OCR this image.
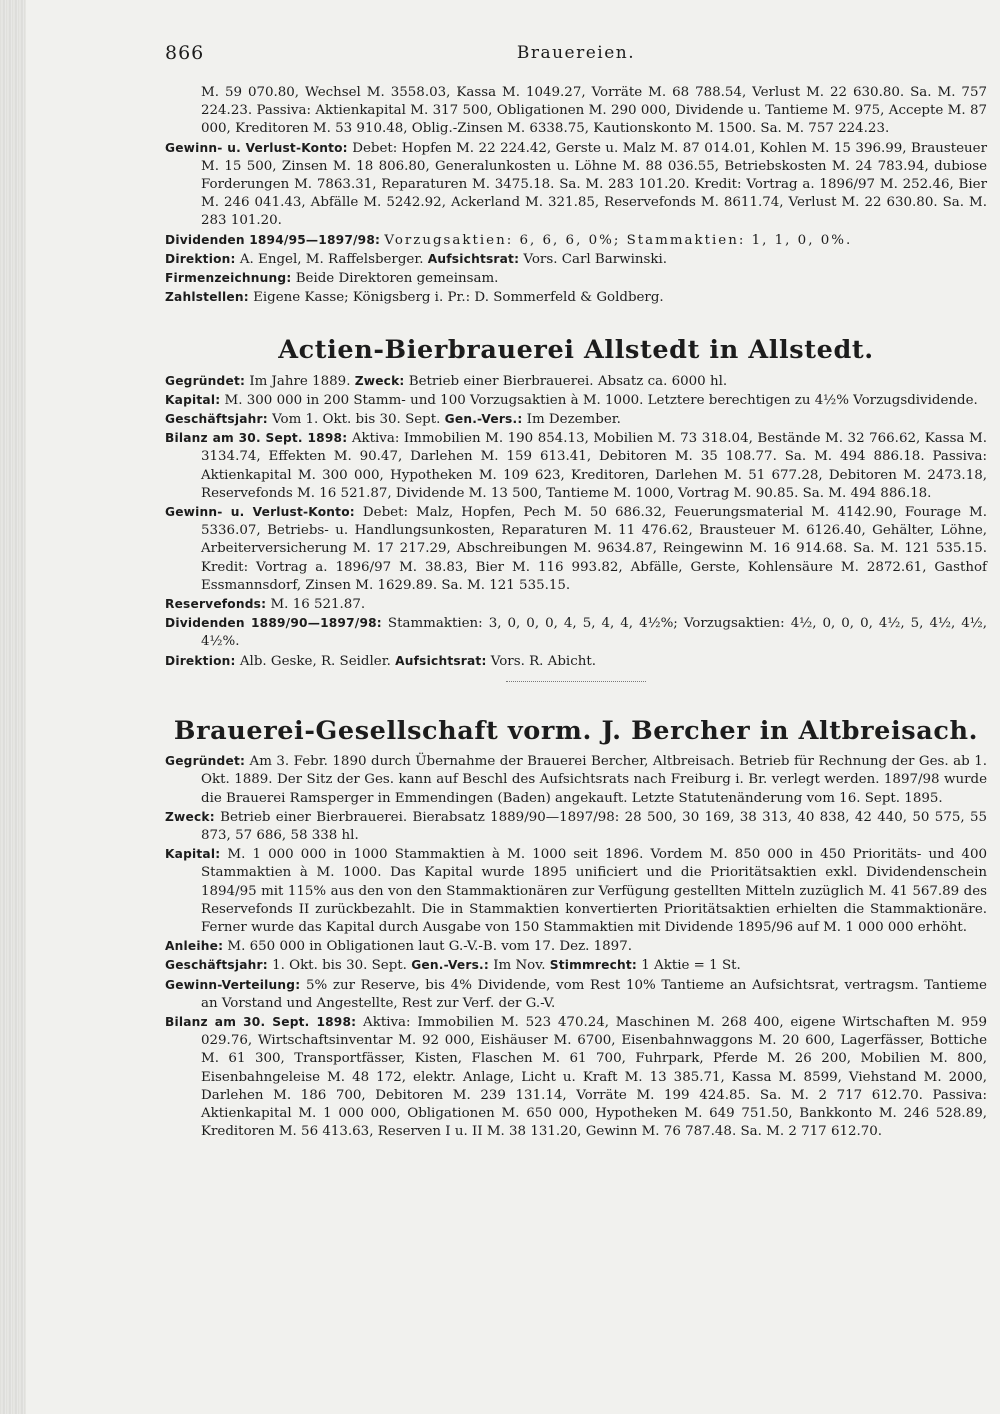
866	Brauereien.

M. 59 070.80, Wechsel M. 3558.03, Kassa M. 1049.27, Vorräte M. 68 788.54, Verlust M. 22 630.80. Sa. M. 757 224.23. Passiva: Aktienkapital M. 317 500, Obligationen M. 290 000, Dividende u. Tantieme M. 975, Accepte M. 87 000, Kreditoren M. 53 910.48, Oblig.-Zinsen M. 6338.75, Kautionskonto M. 1500. Sa. M. 757 224.23.

Gewinn- u. Verlust-Konto: Debet: Hopfen M. 22 224.42, Gerste u. Malz M. 87 014.01, Kohlen M. 15 396.99, Brausteuer M. 15 500, Zinsen M. 18 806.80, Generalunkosten u. Löhne M. 88 036.55, Betriebskosten M. 24 783.94, dubiose Forderungen M. 7863.31, Reparaturen M. 3475.18. Sa. M. 283 101.20. Kredit: Vortrag a. 1896/97 M. 252.46, Bier M. 246 041.43, Abfälle M. 5242.92, Ackerland M. 321.85, Reservefonds M. 8611.74, Verlust M. 22 630.80. Sa. M. 283 101.20.

Dividenden 1894/95—1897/98: Vorzugsaktien: 6, 6, 6, 0%; Stammaktien: 1, 1, 0, 0%.

Direktion: A. Engel, M. Raffelsberger. Aufsichtsrat: Vors. Carl Barwinski.

Firmenzeichnung: Beide Direktoren gemeinsam.

Zahlstellen: Eigene Kasse; Königsberg i. Pr.: D. Sommerfeld & Goldberg.

Actien-Bierbrauerei Allstedt in Allstedt.

Gegründet: Im Jahre 1889. Zweck: Betrieb einer Bierbrauerei. Absatz ca. 6000 hl.

Kapital: M. 300 000 in 200 Stamm- und 100 Vorzugsaktien à M. 1000. Letztere berechtigen zu 4½% Vorzugsdividende.

Geschäftsjahr: Vom 1. Okt. bis 30. Sept. Gen.-Vers.: Im Dezember.

Bilanz am 30. Sept. 1898: Aktiva: Immobilien M. 190 854.13, Mobilien M. 73 318.04, Bestände M. 32 766.62, Kassa M. 3134.74, Effekten M. 90.47, Darlehen M. 159 613.41, Debitoren M. 35 108.77. Sa. M. 494 886.18. Passiva: Aktienkapital M. 300 000, Hypotheken M. 109 623, Kreditoren, Darlehen M. 51 677.28, Debitoren M. 2473.18, Reservefonds M. 16 521.87, Dividende M. 13 500, Tantieme M. 1000, Vortrag M. 90.85. Sa. M. 494 886.18.

Gewinn- u. Verlust-Konto: Debet: Malz, Hopfen, Pech M. 50 686.32, Feuerungsmaterial M. 4142.90, Fourage M. 5336.07, Betriebs- u. Handlungsunkosten, Reparaturen M. 11 476.62, Brausteuer M. 6126.40, Gehälter, Löhne, Arbeiterversicherung M. 17 217.29, Abschreibungen M. 9634.87, Reingewinn M. 16 914.68. Sa. M. 121 535.15. Kredit: Vortrag a. 1896/97 M. 38.83, Bier M. 116 993.82, Abfälle, Gerste, Kohlensäure M. 2872.61, Gasthof Essmannsdorf, Zinsen M. 1629.89. Sa. M. 121 535.15.

Reservefonds: M. 16 521.87.

Dividenden 1889/90—1897/98: Stammaktien: 3, 0, 0, 0, 4, 5, 4, 4, 4½%; Vorzugsaktien: 4½, 0, 0, 0, 4½, 5, 4½, 4½, 4½%.

Direktion: Alb. Geske, R. Seidler. Aufsichtsrat: Vors. R. Abicht.

Brauerei-Gesellschaft vorm. J. Bercher in Altbreisach.

Gegründet: Am 3. Febr. 1890 durch Übernahme der Brauerei Bercher, Altbreisach. Betrieb für Rechnung der Ges. ab 1. Okt. 1889. Der Sitz der Ges. kann auf Beschl des Aufsichtsrats nach Freiburg i. Br. verlegt werden. 1897/98 wurde die Brauerei Ramsperger in Emmendingen (Baden) angekauft. Letzte Statutenänderung vom 16. Sept. 1895.

Zweck: Betrieb einer Bierbrauerei. Bierabsatz 1889/90—1897/98: 28 500, 30 169, 38 313, 40 838, 42 440, 50 575, 55 873, 57 686, 58 338 hl.

Kapital: M. 1 000 000 in 1000 Stammaktien à M. 1000 seit 1896. Vordem M. 850 000 in 450 Prioritäts- und 400 Stammaktien à M. 1000. Das Kapital wurde 1895 unificiert und die Prioritätsaktien exkl. Dividendenschein 1894/95 mit 115% aus den von den Stammaktionären zur Verfügung gestellten Mitteln zuzüglich M. 41 567.89 des Reservefonds II zurückbezahlt. Die in Stammaktien konvertierten Prioritätsaktien erhielten die Stammaktionäre. Ferner wurde das Kapital durch Ausgabe von 150 Stammaktien mit Dividende 1895/96 auf M. 1 000 000 erhöht.

Anleihe: M. 650 000 in Obligationen laut G.-V.-B. vom 17. Dez. 1897.

Geschäftsjahr: 1. Okt. bis 30. Sept. Gen.-Vers.: Im Nov. Stimmrecht: 1 Aktie = 1 St.

Gewinn-Verteilung: 5% zur Reserve, bis 4% Dividende, vom Rest 10% Tantieme an Aufsichtsrat, vertragsm. Tantieme an Vorstand und Angestellte, Rest zur Verf. der G.-V.

Bilanz am 30. Sept. 1898: Aktiva: Immobilien M. 523 470.24, Maschinen M. 268 400, eigene Wirtschaften M. 959 029.76, Wirtschaftsinventar M. 92 000, Eishäuser M. 6700, Eisenbahnwaggons M. 20 600, Lagerfässer, Bottiche M. 61 300, Transportfässer, Kisten, Flaschen M. 61 700, Fuhrpark, Pferde M. 26 200, Mobilien M. 800, Eisenbahngeleise M. 48 172, elektr. Anlage, Licht u. Kraft M. 13 385.71, Kassa M. 8599, Viehstand M. 2000, Darlehen M. 186 700, Debitoren M. 239 131.14, Vorräte M. 199 424.85. Sa. M. 2 717 612.70. Passiva: Aktienkapital M. 1 000 000, Obligationen M. 650 000, Hypotheken M. 649 751.50, Bankkonto M. 246 528.89, Kreditoren M. 56 413.63, Reserven I u. II M. 38 131.20, Gewinn M. 76 787.48. Sa. M. 2 717 612.70.
